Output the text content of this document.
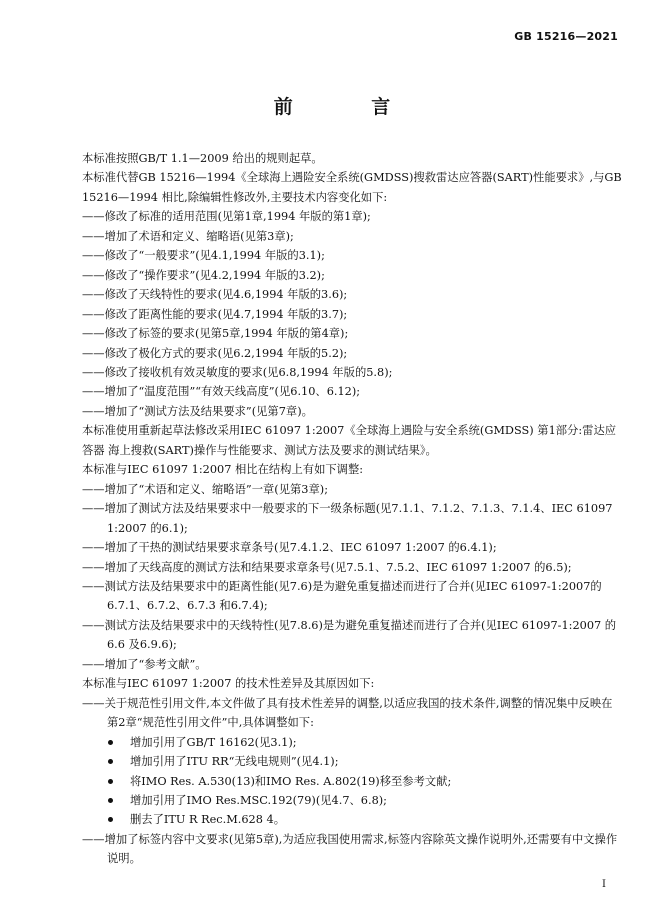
GB 15216—2021
前 言
本标准按照GB/T 1.1—2009 给出的规则起草。
本标准代替GB 15216—1994《全球海上遇险安全系统(GMDSS)搜救雷达应答器(SART)性能要求》,与GB 15216—1994 相比,除编辑性修改外,主要技术内容变化如下:
——修改了标准的适用范围(见第1章,1994 年版的第1章);
——增加了术语和定义、缩略语(见第3章);
——修改了“一般要求”(见4.1,1994 年版的3.1);
——修改了“操作要求”(见4.2,1994 年版的3.2);
——修改了天线特性的要求(见4.6,1994 年版的3.6);
——修改了距离性能的要求(见4.7,1994 年版的3.7);
——修改了标签的要求(见第5章,1994 年版的第4章);
——修改了极化方式的要求(见6.2,1994 年版的5.2);
——修改了接收机有效灵敏度的要求(见6.8,1994 年版的5.8);
——增加了“温度范围”“有效天线高度”(见6.10、6.12);
——增加了“测试方法及结果要求”(见第7章)。
本标准使用重新起草法修改采用IEC 61097 1:2007《全球海上遇险与安全系统(GMDSS) 第1部分:雷达应答器 海上搜救(SART)操作与性能要求、测试方法及要求的测试结果》。
本标准与IEC 61097 1:2007 相比在结构上有如下调整:
——增加了“术语和定义、缩略语”一章(见第3章);
——增加了测试方法及结果要求中一般要求的下一级条标题(见7.1.1、7.1.2、7.1.3、7.1.4、IEC 61097 1:2007 的6.1);
——增加了干热的测试结果要求章条号(见7.4.1.2、IEC 61097 1:2007 的6.4.1);
——增加了天线高度的测试方法和结果要求章条号(见7.5.1、7.5.2、IEC 61097 1:2007 的6.5);
——测试方法及结果要求中的距离性能(见7.6)是为避免重复描述而进行了合并(见IEC 61097-1:2007的6.7.1、6.7.2、6.7.3 和6.7.4);
——测试方法及结果要求中的天线特性(见7.8.6)是为避免重复描述而进行了合并(见IEC 61097-1:2007 的6.6 及6.9.6);
——增加了“参考文献”。
本标准与IEC 61097 1:2007 的技术性差异及其原因如下:
——关于规范性引用文件,本文件做了具有技术性差异的调整,以适应我国的技术条件,调整的情况集中反映在第2章“规范性引用文件”中,具体调整如下:
增加引用了GB/T 16162(见3.1);
增加引用了ITU RR“无线电规则”(见4.1);
将IMO Res. A.530(13)和IMO Res. A.802(19)移至参考文献;
增加引用了IMO Res.MSC.192(79)(见4.7、6.8);
删去了ITU R Rec.M.628 4。
——增加了标签内容中文要求(见第5章),为适应我国使用需求,标签内容除英文操作说明外,还需要有中文操作说明。
I
